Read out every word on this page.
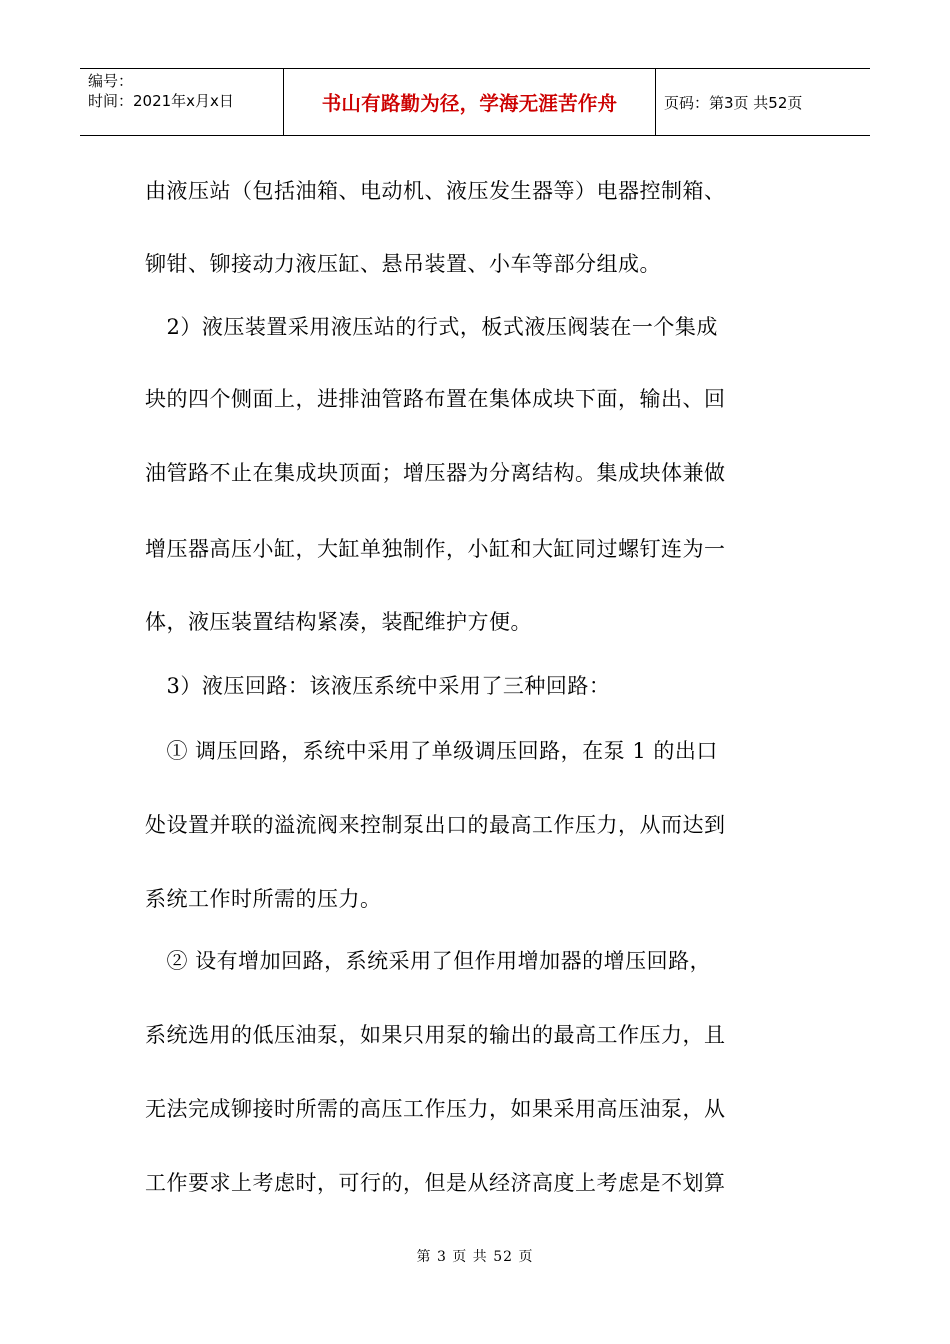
编号：
时间：2021年x月x日	书山有路勤为径，学海无涯苦作舟	页码：第3页 共52页
由液压站（包括油箱、电动机、液压发生器等）电器控制箱、
铆钳、铆接动力液压缸、悬吊装置、小车等部分组成。
　2）液压装置采用液压站的行式，板式液压阀装在一个集成
块的四个侧面上，进排油管路布置在集体成块下面，输出、回
油管路不止在集成块顶面；增压器为分离结构。集成块体兼做
增压器高压小缸，大缸单独制作，小缸和大缸同过螺钉连为一
体，液压装置结构紧凑，装配维护方便。
　3）液压回路：该液压系统中采用了三种回路：
　① 调压回路，系统中采用了单级调压回路，在泵 1 的出口
处设置并联的溢流阀来控制泵出口的最高工作压力，从而达到
系统工作时所需的压力。
　② 设有增加回路，系统采用了但作用增加器的增压回路，
系统选用的低压油泵，如果只用泵的输出的最高工作压力，且
无法完成铆接时所需的高压工作压力，如果采用高压油泵，从
工作要求上考虑时，可行的，但是从经济高度上考虑是不划算
第 3 页 共 52 页
